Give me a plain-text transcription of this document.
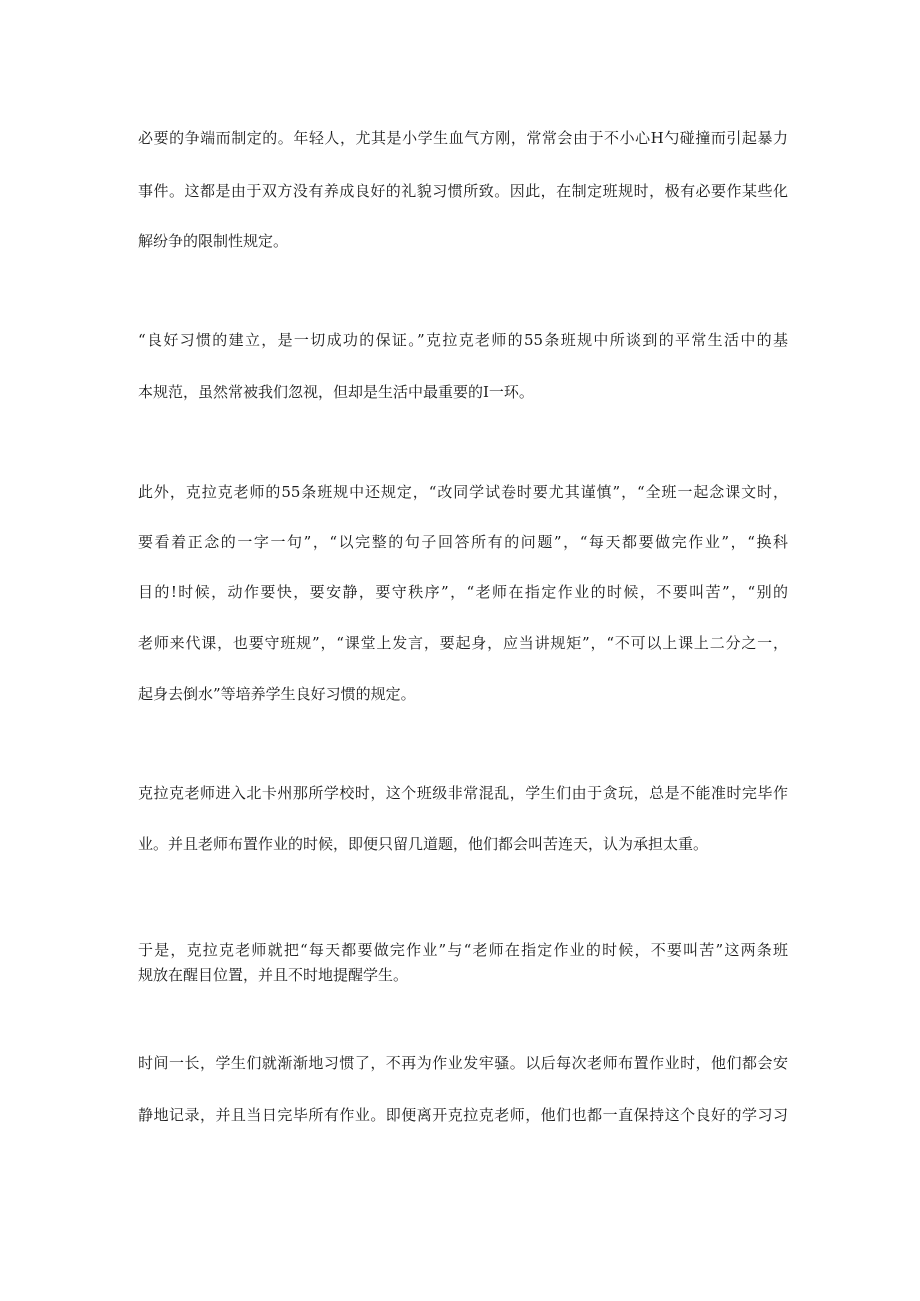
必要的争端而制定的。年轻人，尤其是小学生血气方刚，常常会由于不小心H勺碰撞而引起暴力
事件。这都是由于双方没有养成良好的礼貌习惯所致。因此，在制定班规时，极有必要作某些化
解纷争的限制性规定。
“良好习惯的建立，是一切成功的保证。”克拉克老师的55条班规中所谈到的平常生活中的基
本规范，虽然常被我们忽视，但却是生活中最重要的I一环。
此外，克拉克老师的55条班规中还规定，“改同学试卷时要尤其谨慎”，“全班一起念课文时，
要看着正念的一字一句”，“以完整的句子回答所有的问题”，“每天都要做完作业”，“换科
目的!时候，动作要快，要安静，要守秩序”，“老师在指定作业的时候，不要叫苦”，“别的
老师来代课，也要守班规”，“课堂上发言，要起身，应当讲规矩”，“不可以上课上二分之一，
起身去倒水”等培养学生良好习惯的规定。
克拉克老师进入北卡州那所学校时，这个班级非常混乱，学生们由于贪玩，总是不能准时完毕作
业。并且老师布置作业的时候，即便只留几道题，他们都会叫苦连天，认为承担太重。
于是，克拉克老师就把“每天都要做完作业”与“老师在指定作业的时候，不要叫苦”这两条班
规放在醒目位置，并且不时地提醒学生。
时间一长，学生们就渐渐地习惯了，不再为作业发牢骚。以后每次老师布置作业时，他们都会安
静地记录，并且当日完毕所有作业。即便离开克拉克老师，他们也都一直保持这个良好的学习习
